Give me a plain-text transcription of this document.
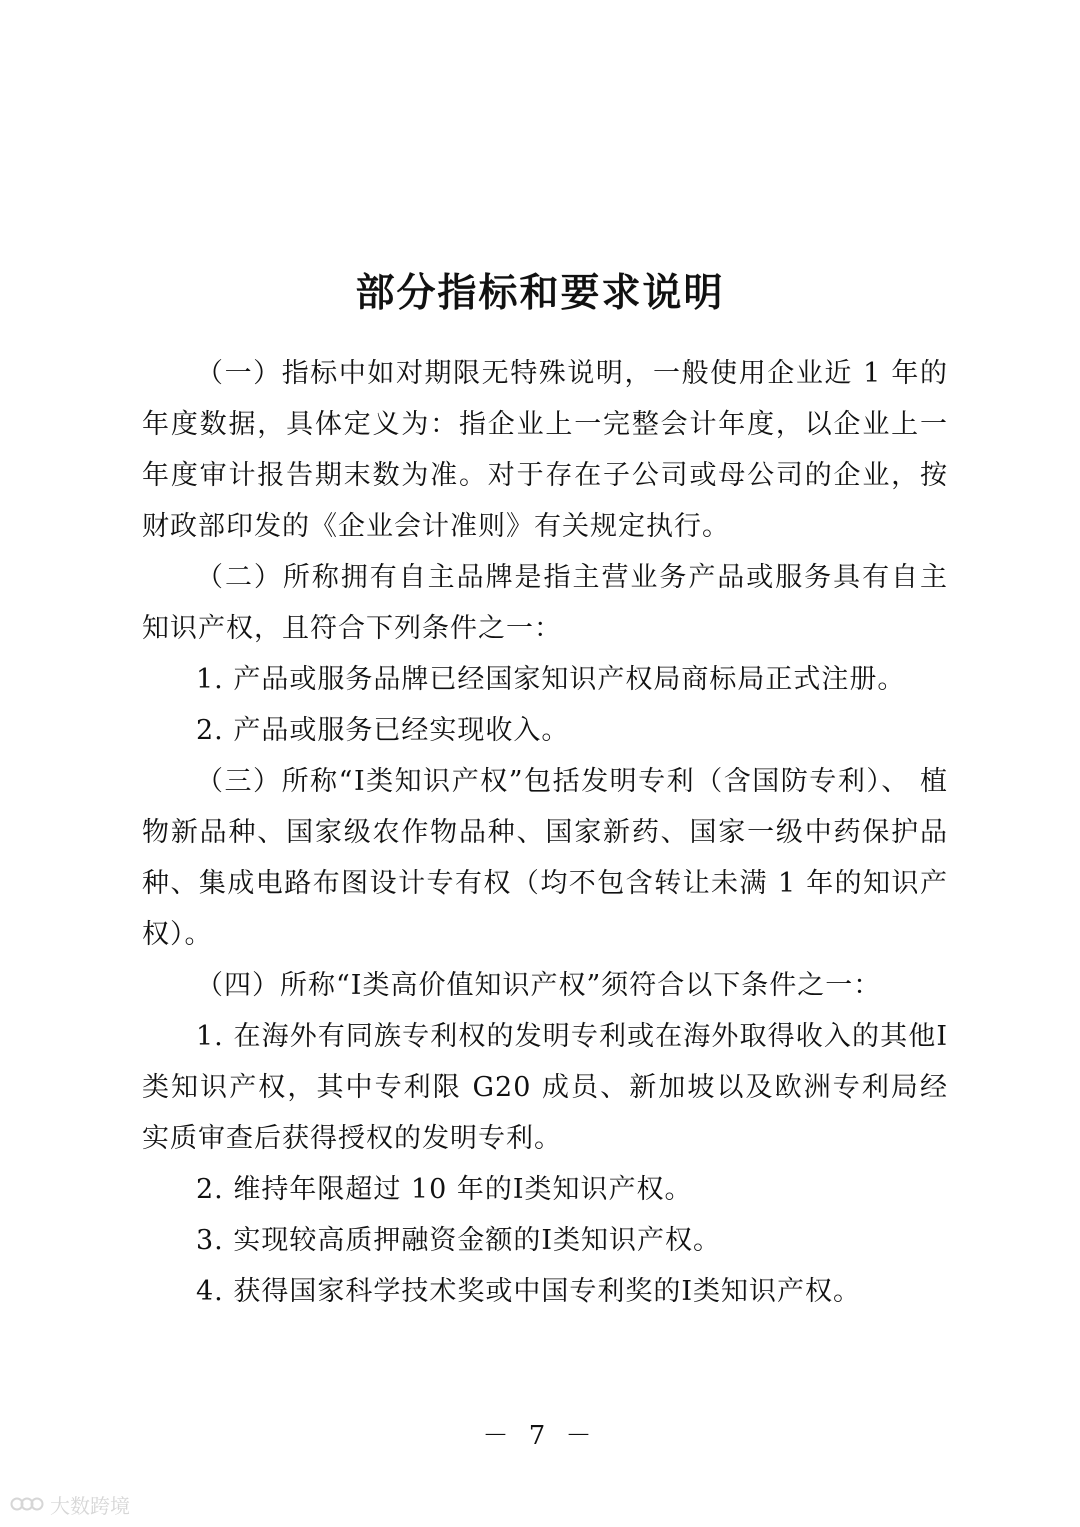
部分指标和要求说明

（一）指标中如对期限无特殊说明，一般使用企业近 1 年的年度数据，具体定义为：指企业上一完整会计年度，以企业上一年度审计报告期末数为准。对于存在子公司或母公司的企业，按财政部印发的《企业会计准则》有关规定执行。

（二）所称拥有自主品牌是指主营业务产品或服务具有自主知识产权，且符合下列条件之一：

1. 产品或服务品牌已经国家知识产权局商标局正式注册。

2. 产品或服务已经实现收入。

（三）所称“Ⅰ类知识产权”包括发明专利（含国防专利）、 植物新品种、国家级农作物品种、国家新药、国家一级中药保护品种、集成电路布图设计专有权（均不包含转让未满 1 年的知识产权）。

（四）所称“Ⅰ类高价值知识产权”须符合以下条件之一：

1. 在海外有同族专利权的发明专利或在海外取得收入的其他Ⅰ类知识产权，其中专利限 G20 成员、新加坡以及欧洲专利局经实质审查后获得授权的发明专利。

2. 维持年限超过 10 年的Ⅰ类知识产权。

3. 实现较高质押融资金额的Ⅰ类知识产权。

4. 获得国家科学技术奖或中国专利奖的Ⅰ类知识产权。

－ 7 －
大数跨境
